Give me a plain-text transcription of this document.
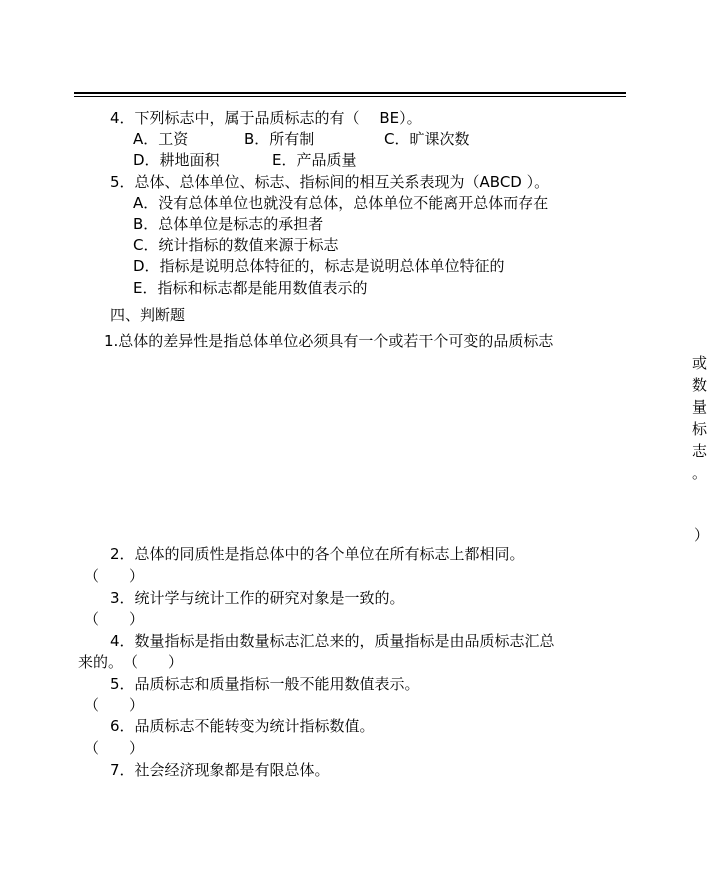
4．下列标志中，属于品质标志的有（　 BE）。
A．工资	B．所有制	C．旷课次数
D．耕地面积	E．产品质量
5．总体、总体单位、标志、指标间的相互关系表现为（ABCD ）。
A．没有总体单位也就没有总体，总体单位不能离开总体而存在
B．总体单位是标志的承担者
C．统计指标的数值来源于标志
D．指标是说明总体特征的，标志是说明总体单位特征的
E．指标和标志都是能用数值表示的
四、判断题
1.总体的差异性是指总体单位必须具有一个或若干个可变的品质标志
或
数
量
标
志
。
）
2．总体的同质性是指总体中的各个单位在所有标志上都相同。
（　　）
3．统计学与统计工作的研究对象是一致的。
（　　）
4．数量指标是指由数量标志汇总来的，质量指标是由品质标志汇总
来的。　（　　）
5．品质标志和质量指标一般不能用数值表示。
（　　）
6．品质标志不能转变为统计指标数值。
（　　）
7．社会经济现象都是有限总体。
